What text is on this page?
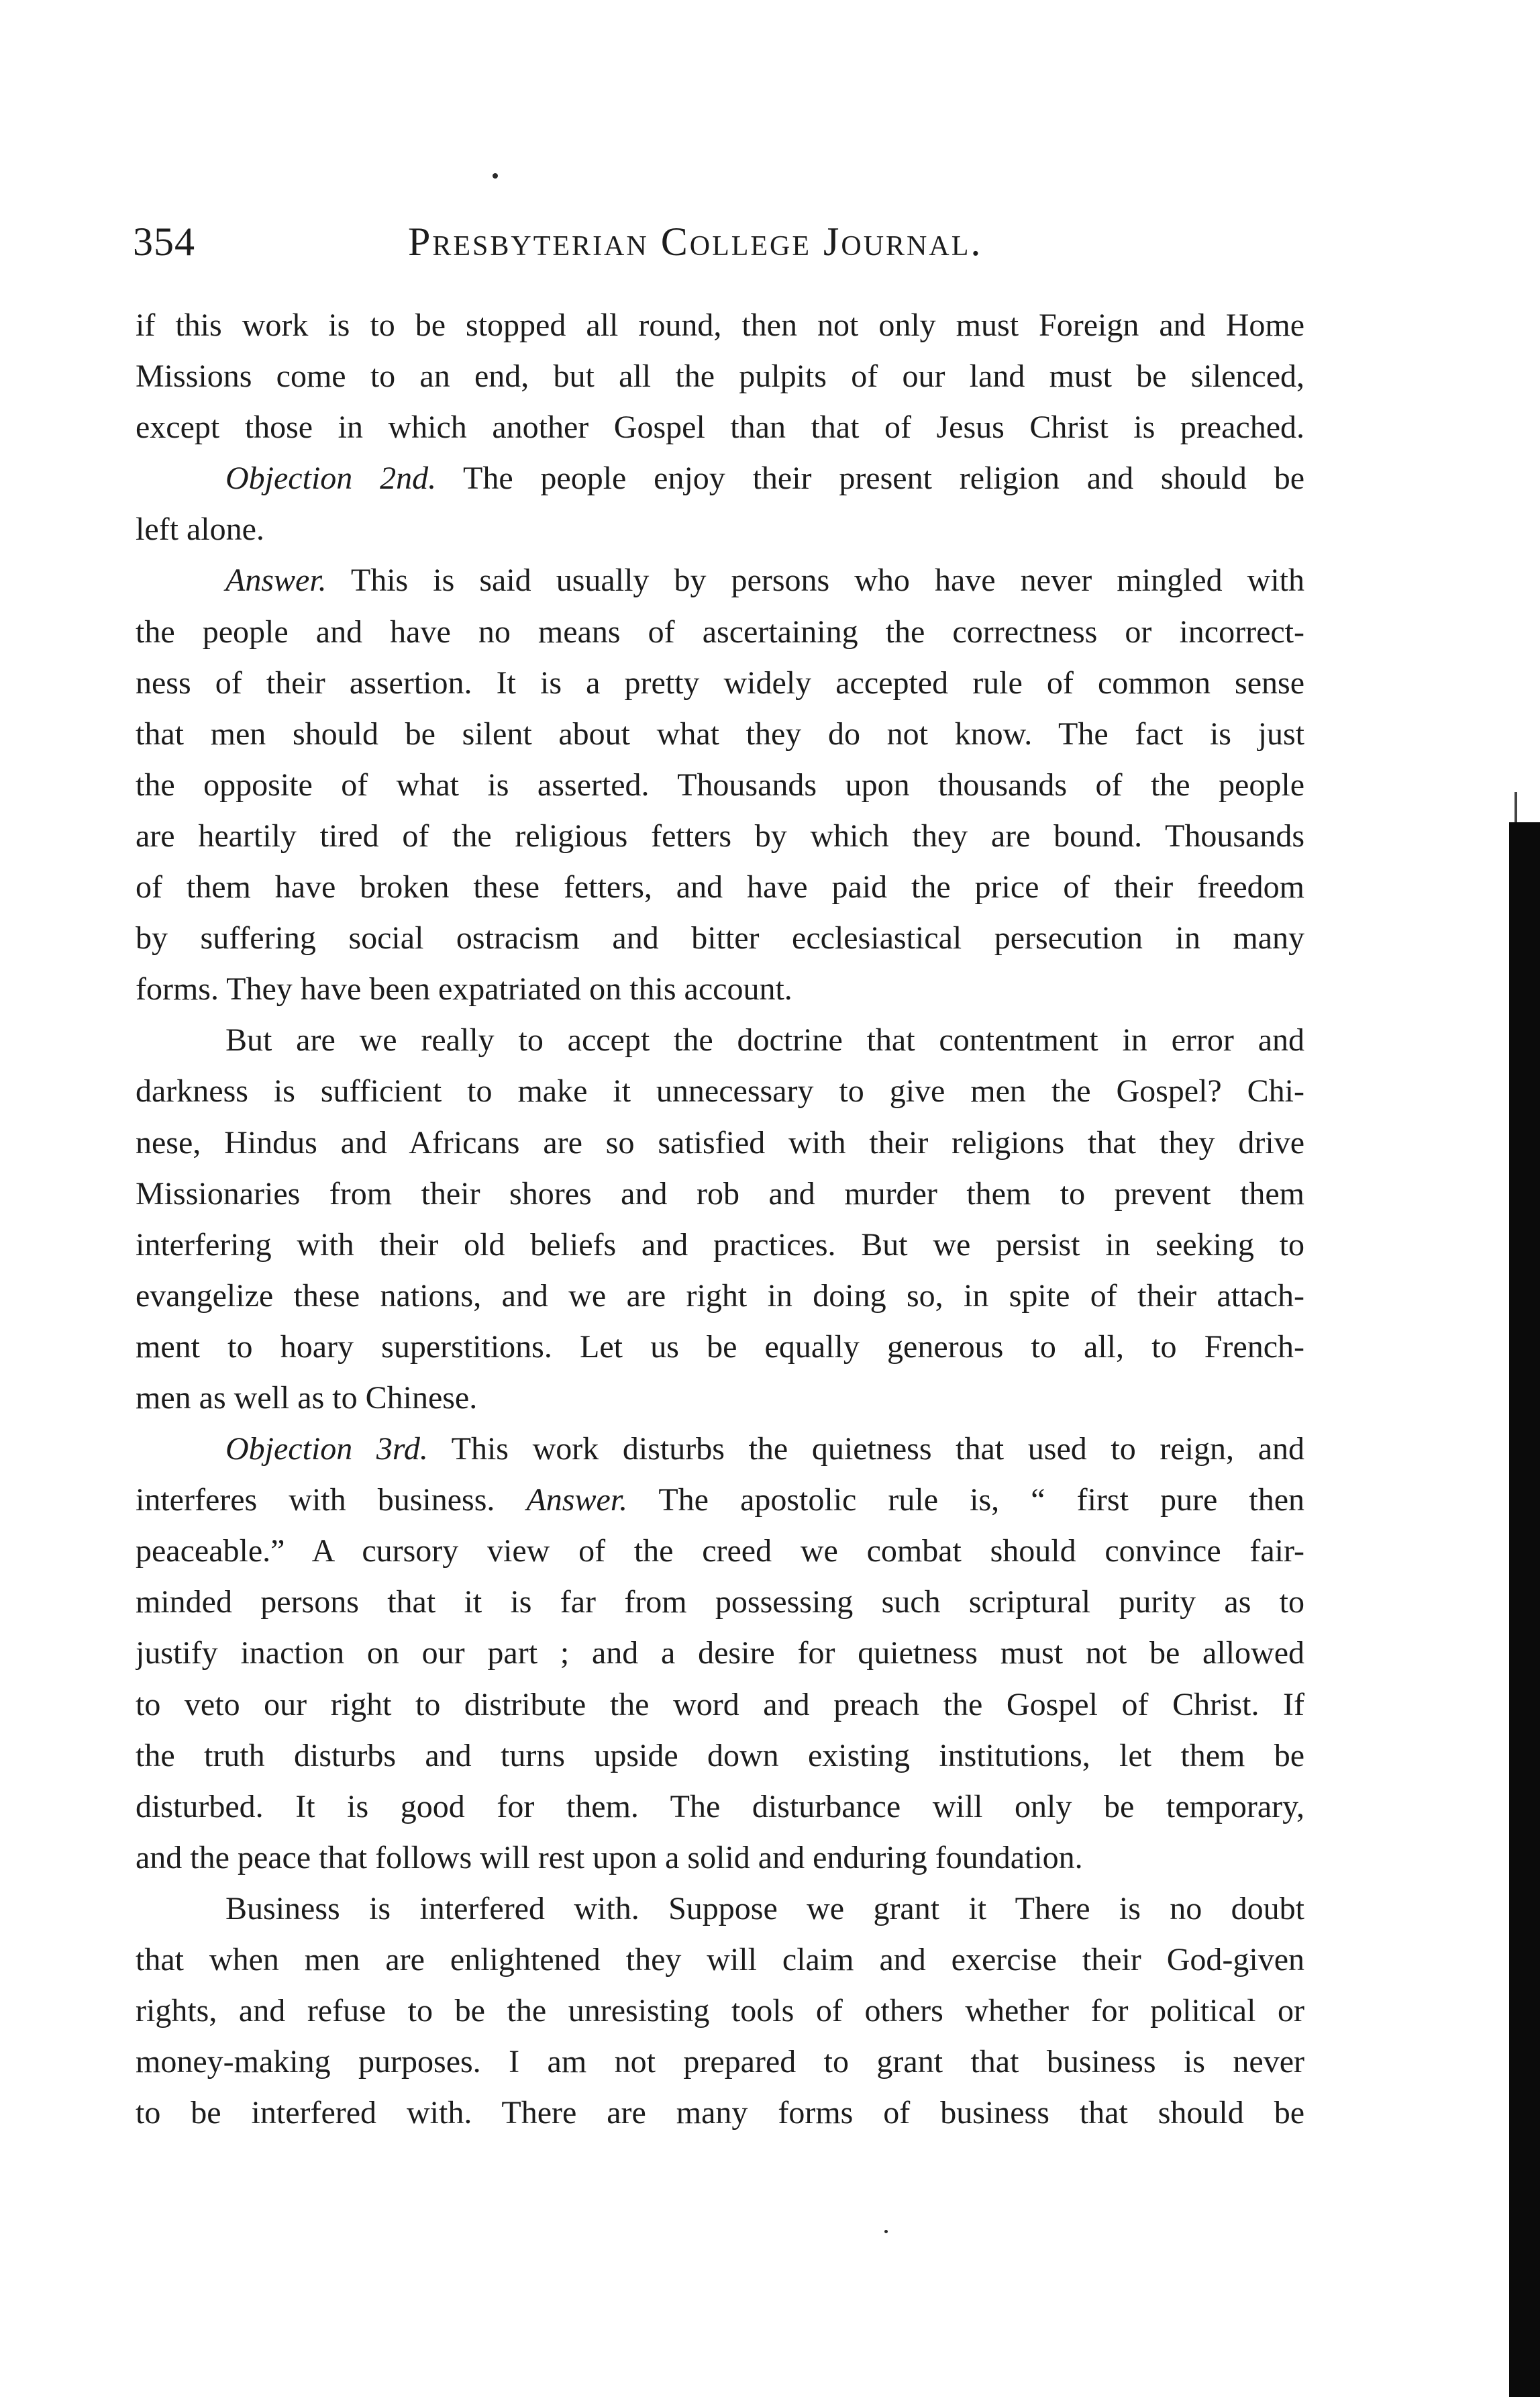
354	Presbyterian College Journal.
if this work is to be stopped all round, then not only must Foreign and Home
Missions come to an end, but all the pulpits of our land must be silenced,
except those in which another Gospel than that of Jesus Christ is preached.
Objection 2nd. The people enjoy their present religion and should be
left alone.
Answer. This is said usually by persons who have never mingled with
the people and have no means of ascertaining the correctness or incorrect-
ness of their assertion. It is a pretty widely accepted rule of common sense
that men should be silent about what they do not know. The fact is just
the opposite of what is asserted. Thousands upon thousands of the people
are heartily tired of the religious fetters by which they are bound. Thousands
of them have broken these fetters, and have paid the price of their freedom
by suffering social ostracism and bitter ecclesiastical persecution in many
forms. They have been expatriated on this account.
But are we really to accept the doctrine that contentment in error and
darkness is sufficient to make it unnecessary to give men the Gospel? Chi-
nese, Hindus and Africans are so satisfied with their religions that they drive
Missionaries from their shores and rob and murder them to prevent them
interfering with their old beliefs and practices. But we persist in seeking to
evangelize these nations, and we are right in doing so, in spite of their attach-
ment to hoary superstitions. Let us be equally generous to all, to French-
men as well as to Chinese.
Objection 3rd. This work disturbs the quietness that used to reign, and
interferes with business. Answer. The apostolic rule is, “ first pure then
peaceable.” A cursory view of the creed we combat should convince fair-
minded persons that it is far from possessing such scriptural purity as to
justify inaction on our part ; and a desire for quietness must not be allowed
to veto our right to distribute the word and preach the Gospel of Christ. If
the truth disturbs and turns upside down existing institutions, let them be
disturbed. It is good for them. The disturbance will only be temporary,
and the peace that follows will rest upon a solid and enduring foundation.
Business is interfered with. Suppose we grant it There is no doubt
that when men are enlightened they will claim and exercise their God-given
rights, and refuse to be the unresisting tools of others whether for political or
money-making purposes. I am not prepared to grant that business is never
to be interfered with. There are many forms of business that should be
